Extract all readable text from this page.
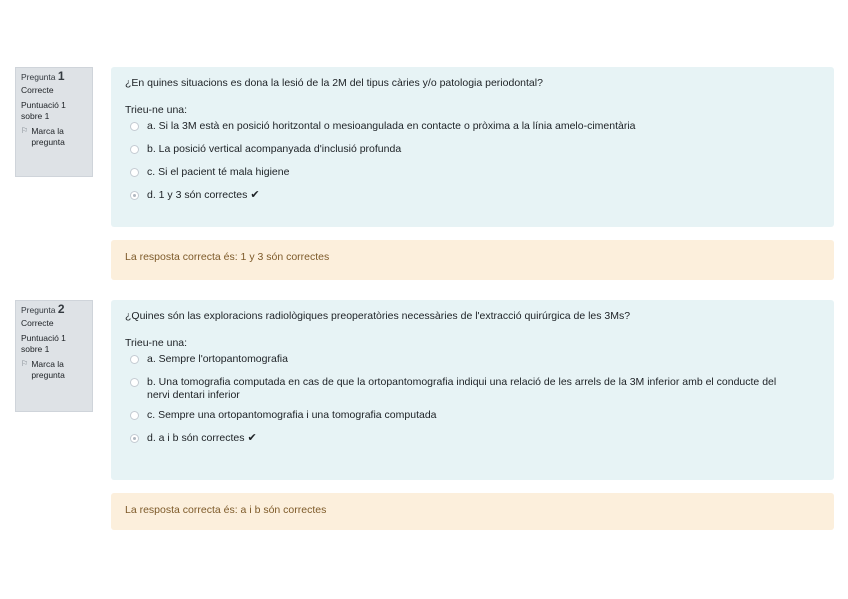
Pregunta 1
Correcte
Puntuació 1 sobre 1
⚐ Marca la pregunta
¿En quines situacions es dona la lesió de la 2M del tipus càries y/o patologia periodontal?
Trieu-ne una:
a. Si la 3M està en posició horitzontal o mesioangulada en contacte o pròxima a la línia amelo-cimentària
b. La posició vertical acompanyada d'inclusió profunda
c. Si el pacient té mala higiene
d. 1 y 3 són correctes ✔
La resposta correcta és: 1 y 3 són correctes
Pregunta 2
Correcte
Puntuació 1 sobre 1
⚐ Marca la pregunta
¿Quines són las exploracions radiològiques preoperatòries necessàries de l'extracció quirúrgica de les 3Ms?
Trieu-ne una:
a. Sempre l'ortopantomografia
b. Una tomografia computada en cas de que la ortopantomografia indiqui una relació de les arrels de la 3M inferior amb el conducte del nervi dentari inferior
c. Sempre una ortopantomografia i una tomografia computada
d. a i b són correctes ✔
La resposta correcta és: a i b són correctes
